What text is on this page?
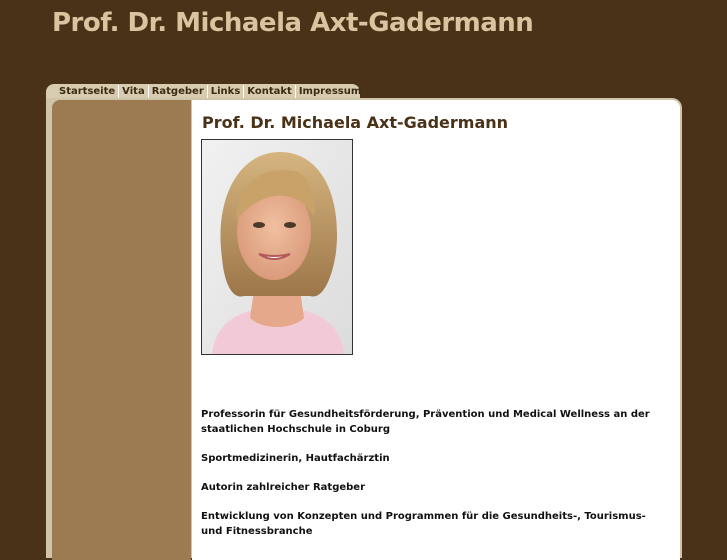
Prof. Dr. Michaela Axt-Gadermann
Startseite Vita Ratgeber Links Kontakt Impressum
Prof. Dr. Michaela Axt-Gadermann

Professorin für Gesundheitsförderung, Prävention und Medical Wellness an der staatlichen Hochschule in Coburg

Sportmedizinerin, Hautfachärztin

Autorin zahlreicher Ratgeber

Entwicklung von Konzepten und Programmen für die Gesundheits-, Tourismus- und Fitnessbranche
